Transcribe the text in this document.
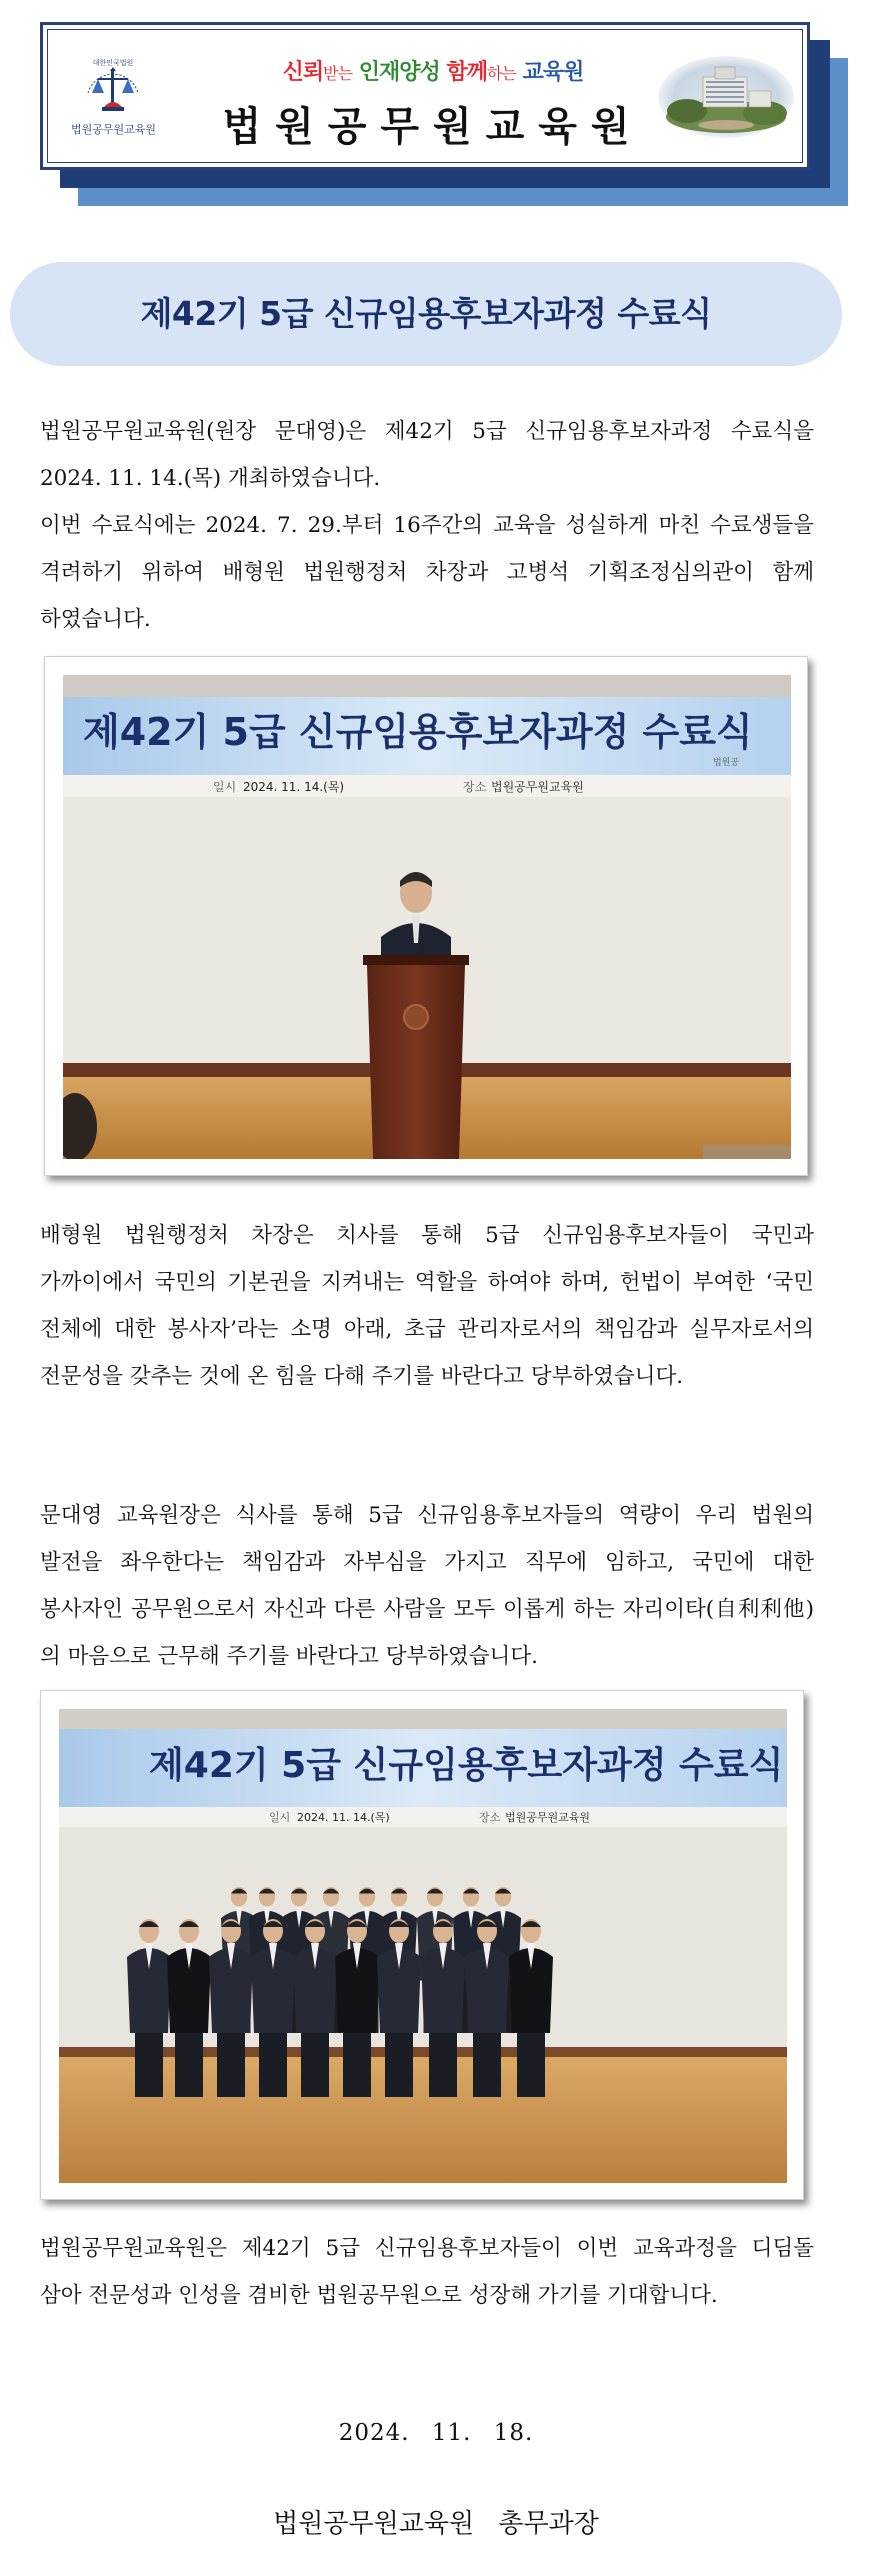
대한민국법원
법원공무원교육원
신뢰받는 인재양성 함께하는 교육원
법원공무원교육원
제42기 5급 신규임용후보자과정 수료식

법원공무원교육원(원장 문대영)은 제42기 5급 신규임용후보자과정 수료식을 2024. 11. 14.(목) 개최하였습니다.

이번 수료식에는 2024. 7. 29.부터 16주간의 교육을 성실하게 마친 수료생들을 격려하기 위하여 배형원 법원행정처 차장과 고병석 기획조정심의관이 함께 하였습니다.

제42기 5급 신규임용후보자과정 수료식
법원공
일시 2024. 11. 14.(목)	장소 법원공무원교육원

배형원 법원행정처 차장은 치사를 통해 5급 신규임용후보자들이 국민과 가까이에서 국민의 기본권을 지켜내는 역할을 하여야 하며, 헌법이 부여한 ‘국민 전체에 대한 봉사자’라는 소명 아래, 초급 관리자로서의 책임감과 실무자로서의 전문성을 갖추는 것에 온 힘을 다해 주기를 바란다고 당부하였습니다.

문대영 교육원장은 식사를 통해 5급 신규임용후보자들의 역량이 우리 법원의 발전을 좌우한다는 책임감과 자부심을 가지고 직무에 임하고, 국민에 대한 봉사자인 공무원으로서 자신과 다른 사람을 모두 이롭게 하는 자리이타(自利利他)의 마음으로 근무해 주기를 바란다고 당부하였습니다.

제42기 5급 신규임용후보자과정 수료식
일시 2024. 11. 14.(목)	장소 법원공무원교육원

법원공무원교육원은 제42기 5급 신규임용후보자들이 이번 교육과정을 디딤돌 삼아 전문성과 인성을 겸비한 법원공무원으로 성장해 가기를 기대합니다.

2024. 11. 18.
법원공무원교육원 총무과장
